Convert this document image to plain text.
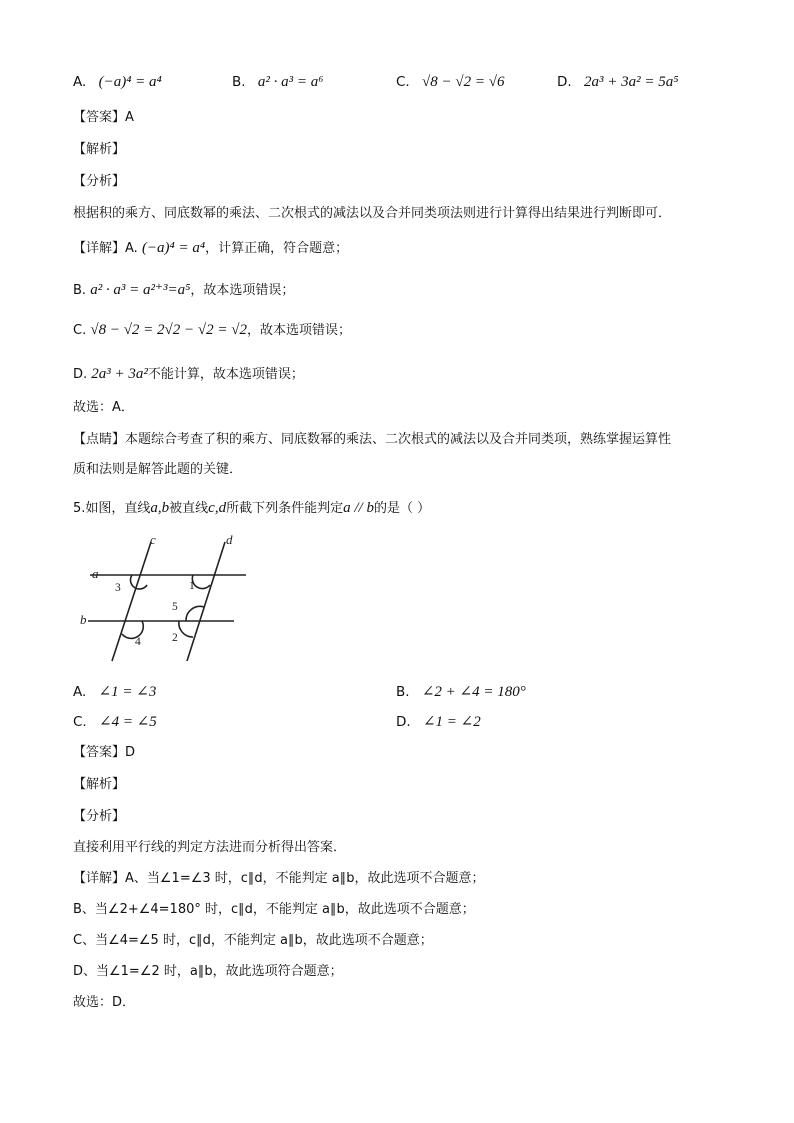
A. (−a)⁴ = a⁴	B. a² · a³ = a⁶	C. √8 − √2 = √6	D. 2a³ + 3a² = 5a⁵
【答案】A
【解析】
【分析】
根据积的乘方、同底数幂的乘法、二次根式的减法以及合并同类项法则进行计算得出结果进行判断即可．
【详解】A. (−a)⁴ = a⁴，计算正确，符合题意；
B. a² · a³ = a²⁺³=a⁵，故本选项错误；
C. √8 − √2 = 2√2 − √2 = √2，故本选项错误；
D. 2a³ + 3a²不能计算，故本选项错误；
故选：A．
【点睛】本题综合考查了积的乘方、同底数幂的乘法、二次根式的减法以及合并同类项，熟练掌握运算性
质和法则是解答此题的关键．
5.如图，直线a,b被直线c,d所截下列条件能判定a // b的是（ ）
c	d
a
b
3	1
5
2
4
A. ∠1 = ∠3	B. ∠2 + ∠4 = 180°
C. ∠4 = ∠5	D. ∠1 = ∠2
【答案】D
【解析】
【分析】
直接利用平行线的判定方法进而分析得出答案．
【详解】A、当∠1=∠3 时，c∥d，不能判定 a∥b，故此选项不合题意；
B、当∠2+∠4=180° 时，c∥d，不能判定 a∥b，故此选项不合题意；
C、当∠4=∠5 时，c∥d，不能判定 a∥b，故此选项不合题意；
D、当∠1=∠2 时，a∥b，故此选项符合题意；
故选：D．
